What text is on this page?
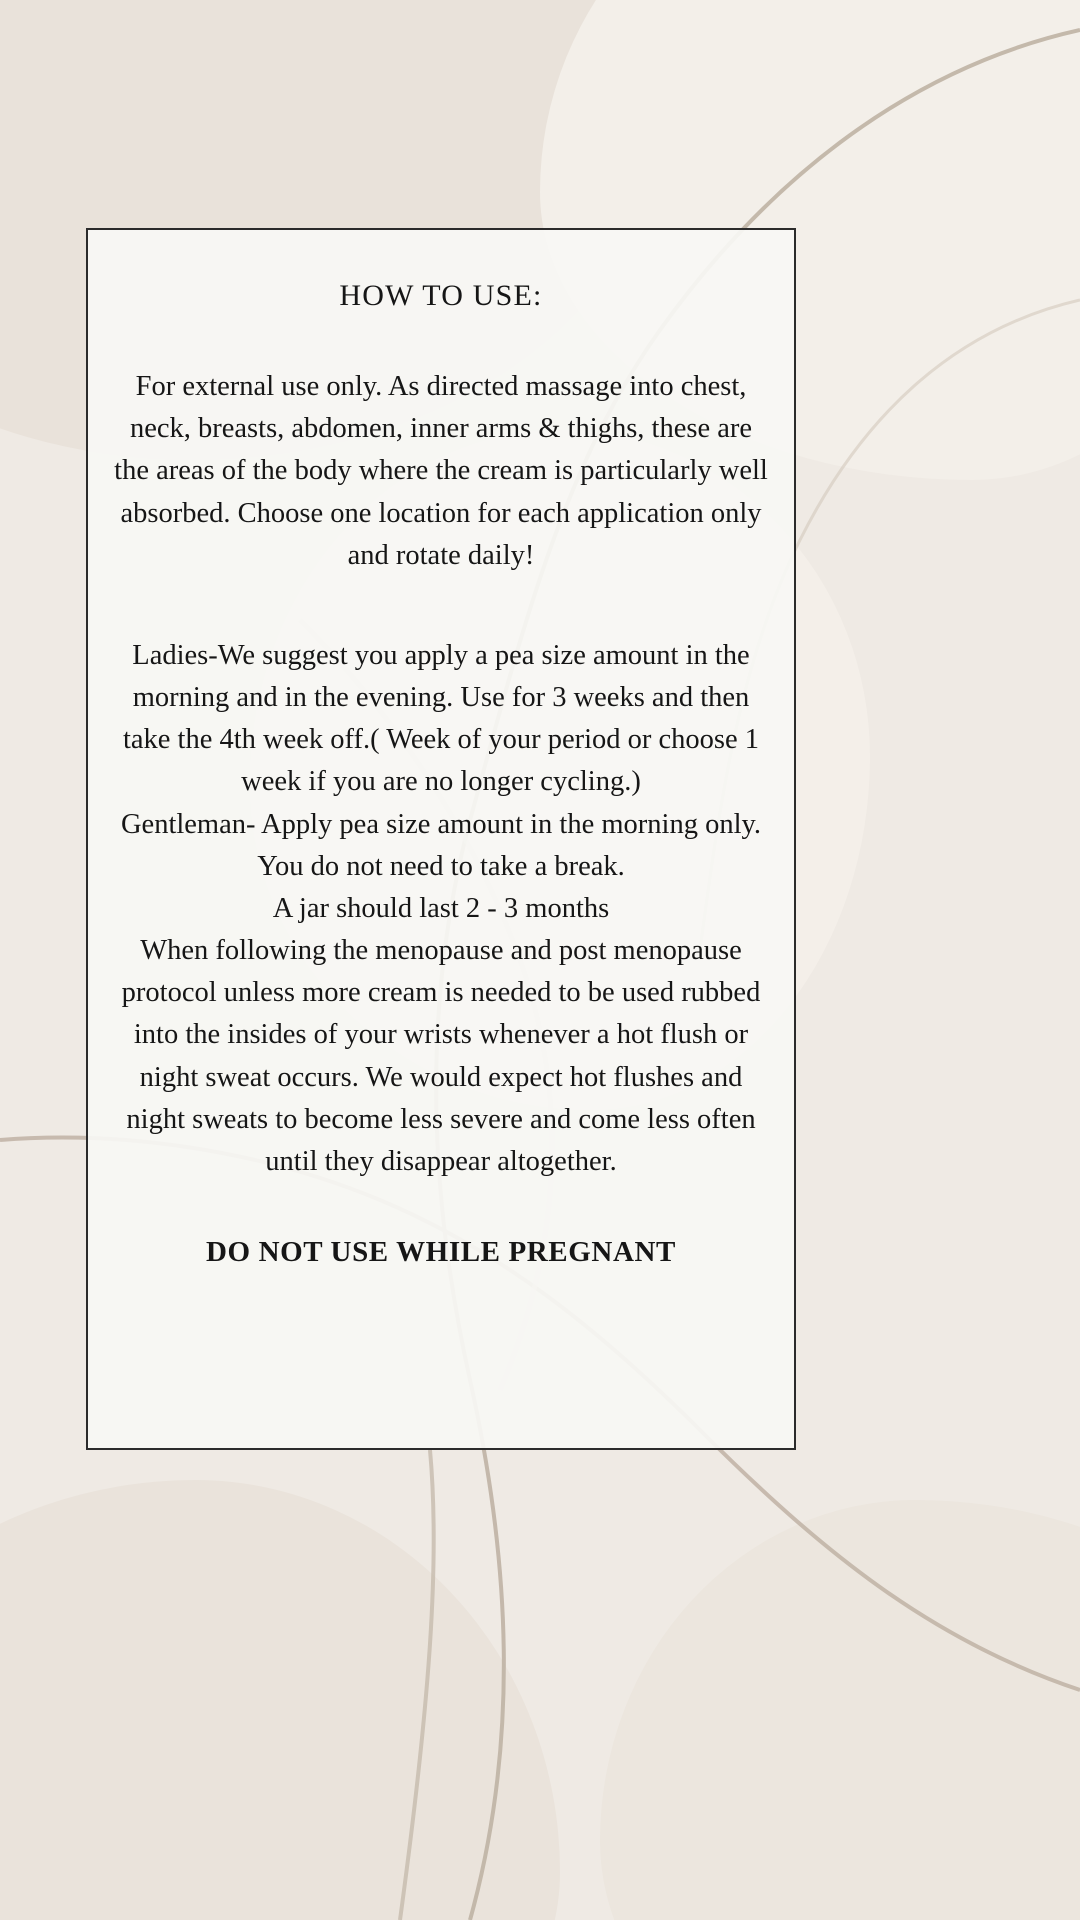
HOW TO USE:

For external use only. As directed massage into chest, neck, breasts, abdomen, inner arms & thighs, these are the areas of the body where the cream is particularly well absorbed. Choose one location for each application only and rotate daily!

Ladies-We suggest you apply a pea size amount in the morning and in the evening. Use for 3 weeks and then take the 4th week off.( Week of your period or choose 1 week if you are no longer cycling.)

Gentleman- Apply pea size amount in the morning only. You do not need to take a break.

A jar should last 2 - 3 months

When following the menopause and post menopause protocol unless more cream is needed to be used rubbed into the insides of your wrists whenever a hot flush or night sweat occurs. We would expect hot flushes and night sweats to become less severe and come less often until they disappear altogether.

DO NOT USE WHILE PREGNANT
